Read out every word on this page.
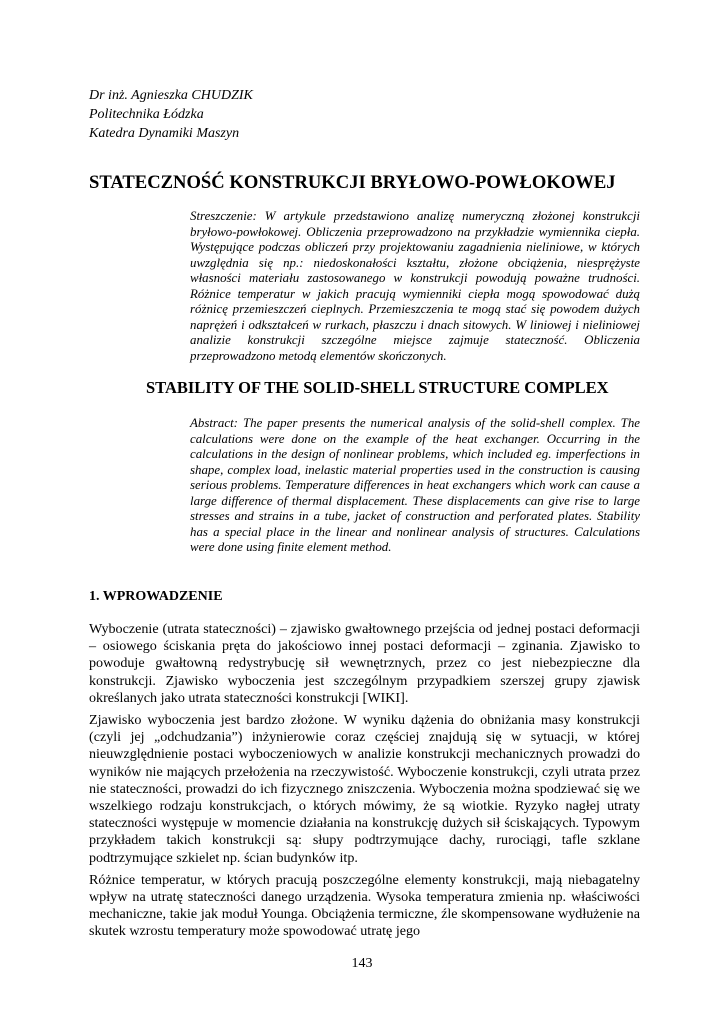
Dr inż. Agnieszka CHUDZIK
Politechnika Łódzka
Katedra Dynamiki Maszyn
STATECZNOŚĆ KONSTRUKCJI BRYŁOWO-POWŁOKOWEJ
Streszczenie: W artykule przedstawiono analizę numeryczną złożonej konstrukcji bryłowo-powłokowej. Obliczenia przeprowadzono na przykładzie wymiennika ciepła. Występujące podczas obliczeń przy projektowaniu zagadnienia nieliniowe, w których uwzględnia się np.: niedoskonałości kształtu, złożone obciążenia, niesprężyste własności materiału zastosowanego w konstrukcji powodują poważne trudności. Różnice temperatur w jakich pracują wymienniki ciepła mogą spowodować dużą różnicę przemieszczeń cieplnych. Przemieszczenia te mogą stać się powodem dużych naprężeń i odkształceń w rurkach, płaszczu i dnach sitowych. W liniowej i nieliniowej analizie konstrukcji szczególne miejsce zajmuje stateczność. Obliczenia przeprowadzono metodą elementów skończonych.
STABILITY OF THE SOLID-SHELL STRUCTURE COMPLEX
Abstract: The paper presents the numerical analysis of the solid-shell complex. The calculations were done on the example of the heat exchanger. Occurring in the calculations in the design of nonlinear problems, which included eg. imperfections in shape, complex load, inelastic material properties used in the construction is causing serious problems. Temperature differences in heat exchangers which work can cause a large difference of thermal displacement. These displacements can give rise to large stresses and strains in a tube, jacket of construction and perforated plates. Stability has a special place in the linear and nonlinear analysis of structures. Calculations were done using finite element method.
1. WPROWADZENIE

Wyboczenie (utrata stateczności) – zjawisko gwałtownego przejścia od jednej postaci deformacji – osiowego ściskania pręta do jakościowo innej postaci deformacji – zginania. Zjawisko to powoduje gwałtowną redystrybucję sił wewnętrznych, przez co jest niebezpieczne dla konstrukcji. Zjawisko wyboczenia jest szczególnym przypadkiem szerszej grupy zjawisk określanych jako utrata stateczności konstrukcji [WIKI].

Zjawisko wyboczenia jest bardzo złożone. W wyniku dążenia do obniżania masy konstrukcji (czyli jej „odchudzania”) inżynierowie coraz częściej znajdują się w sytuacji, w której nieuwzględnienie postaci wyboczeniowych w analizie konstrukcji mechanicznych prowadzi do wyników nie mających przełożenia na rzeczywistość. Wyboczenie konstrukcji, czyli utrata przez nie stateczności, prowadzi do ich fizycznego zniszczenia. Wyboczenia można spodziewać się we wszelkiego rodzaju konstrukcjach, o których mówimy, że są wiotkie. Ryzyko nagłej utraty stateczności występuje w momencie działania na konstrukcję dużych sił ściskających. Typowym przykładem takich konstrukcji są: słupy podtrzymujące dachy, rurociągi, tafle szklane podtrzymujące szkielet np. ścian budynków itp.

Różnice temperatur, w których pracują poszczególne elementy konstrukcji, mają niebagatelny wpływ na utratę stateczności danego urządzenia. Wysoka temperatura zmienia np. właściwości mechaniczne, takie jak moduł Younga. Obciążenia termiczne, źle skompensowane wydłużenie na skutek wzrostu temperatury może spowodować utratę jego

143
